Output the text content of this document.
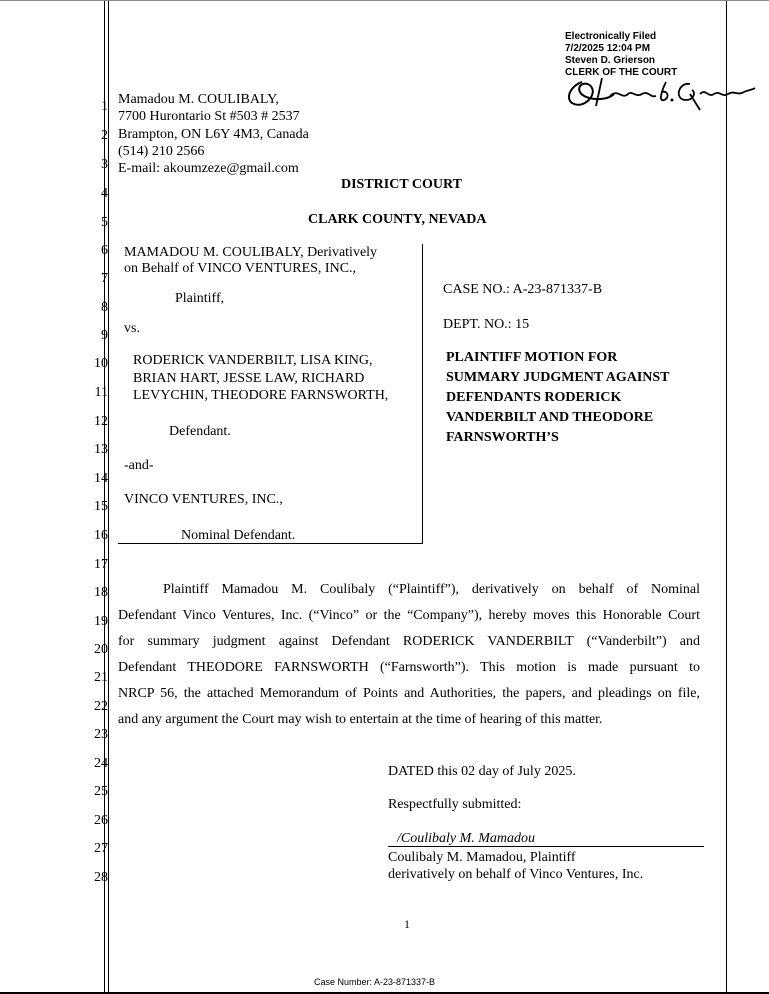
Electronically Filed
7/2/2025 12:04 PM
Steven D. Grierson
CLERK OF THE COURT
1
2
3
4
5
6
7
8
9
10
11
12
13
14
15
16
17
18
19
20
21
22
23
24
25
26
27
28
Mamadou M. COULIBALY,
7700 Hurontario St #503 # 2537
Brampton, ON L6Y 4M3, Canada
(514) 210 2566
E-mail: akoumzeze@gmail.com
DISTRICT COURT
CLARK COUNTY, NEVADA
MAMADOU M. COULIBALY, Derivatively
on Behalf of VINCO VENTURES, INC.,
Plaintiff,
vs.
RODERICK VANDERBILT, LISA KING,
BRIAN HART, JESSE LAW, RICHARD
LEVYCHIN, THEODORE FARNSWORTH,
Defendant.
-and-
VINCO VENTURES, INC.,
Nominal Defendant.
CASE NO.: A-23-871337-B
DEPT. NO.: 15
PLAINTIFF MOTION FOR
SUMMARY JUDGMENT AGAINST
DEFENDANTS RODERICK
VANDERBILT AND THEODORE
FARNSWORTH’S
Plaintiff Mamadou M. Coulibaly (“Plaintiff”), derivatively on behalf of Nominal
Defendant Vinco Ventures, Inc. (“Vinco” or the “Company”), hereby moves this Honorable Court
for summary judgment against Defendant RODERICK VANDERBILT (“Vanderbilt”) and
Defendant THEODORE FARNSWORTH (“Farnsworth”). This motion is made pursuant to
NRCP 56, the attached Memorandum of Points and Authorities, the papers, and pleadings on file,
and any argument the Court may wish to entertain at the time of hearing of this matter.
DATED this 02 day of July 2025.
Respectfully submitted:
/Coulibaly M. Mamadou
Coulibaly M. Mamadou, Plaintiff
derivatively on behalf of Vinco Ventures, Inc.
1
Case Number: A-23-871337-B
